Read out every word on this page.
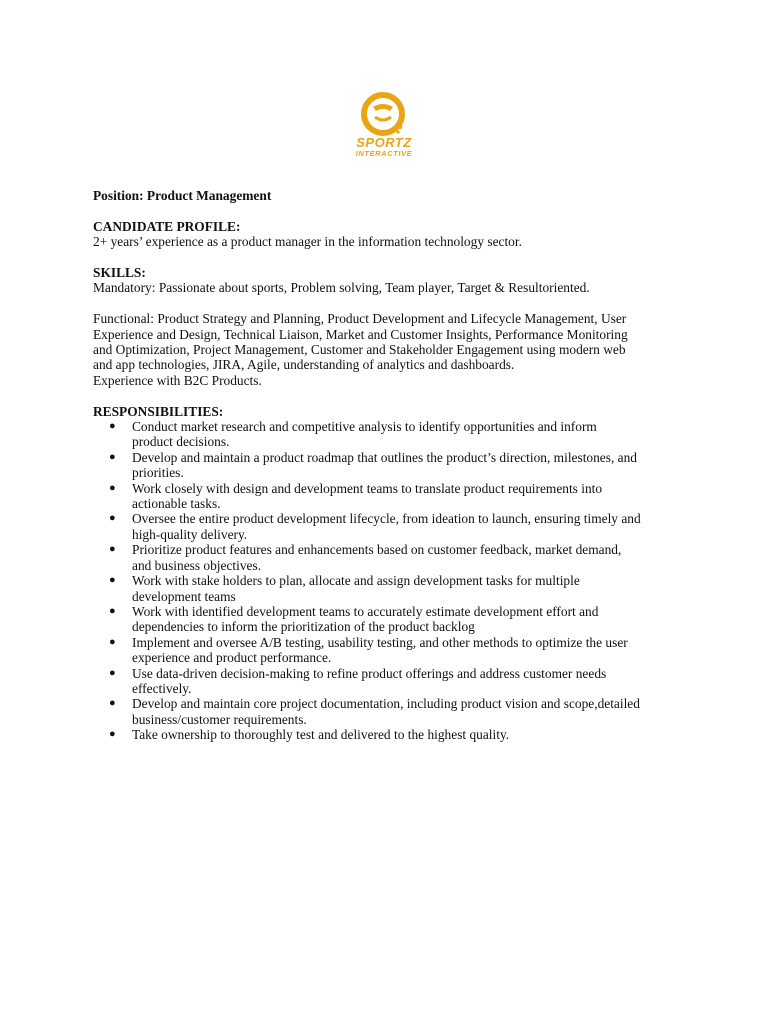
SPORTZ
INTERACTIVE

Position: Product Management

CANDIDATE PROFILE:

2+ years’ experience as a product manager in the information technology sector.

SKILLS:

Mandatory: Passionate about sports, Problem solving, Team player, Target & Resultoriented.

Functional: Product Strategy and Planning, Product Development and Lifecycle Management, User
Experience and Design, Technical Liaison, Market and Customer Insights, Performance Monitoring
and Optimization, Project Management, Customer and Stakeholder Engagement using modern web
and app technologies, JIRA, Agile, understanding of analytics and dashboards.

Experience with B2C Products.

RESPONSIBILITIES:

● Conduct market research and competitive analysis to identify opportunities and inform
product decisions.
● Develop and maintain a product roadmap that outlines the product’s direction, milestones, and
priorities.
● Work closely with design and development teams to translate product requirements into
actionable tasks.
● Oversee the entire product development lifecycle, from ideation to launch, ensuring timely and
high-quality delivery.
● Prioritize product features and enhancements based on customer feedback, market demand,
and business objectives.
● Work with stake holders to plan, allocate and assign development tasks for multiple
development teams
● Work with identified development teams to accurately estimate development effort and
dependencies to inform the prioritization of the product backlog
● Implement and oversee A/B testing, usability testing, and other methods to optimize the user
experience and product performance.
● Use data-driven decision-making to refine product offerings and address customer needs
effectively.
● Develop and maintain core project documentation, including product vision and scope,detailed
business/customer requirements.
● Take ownership to thoroughly test and delivered to the highest quality.
